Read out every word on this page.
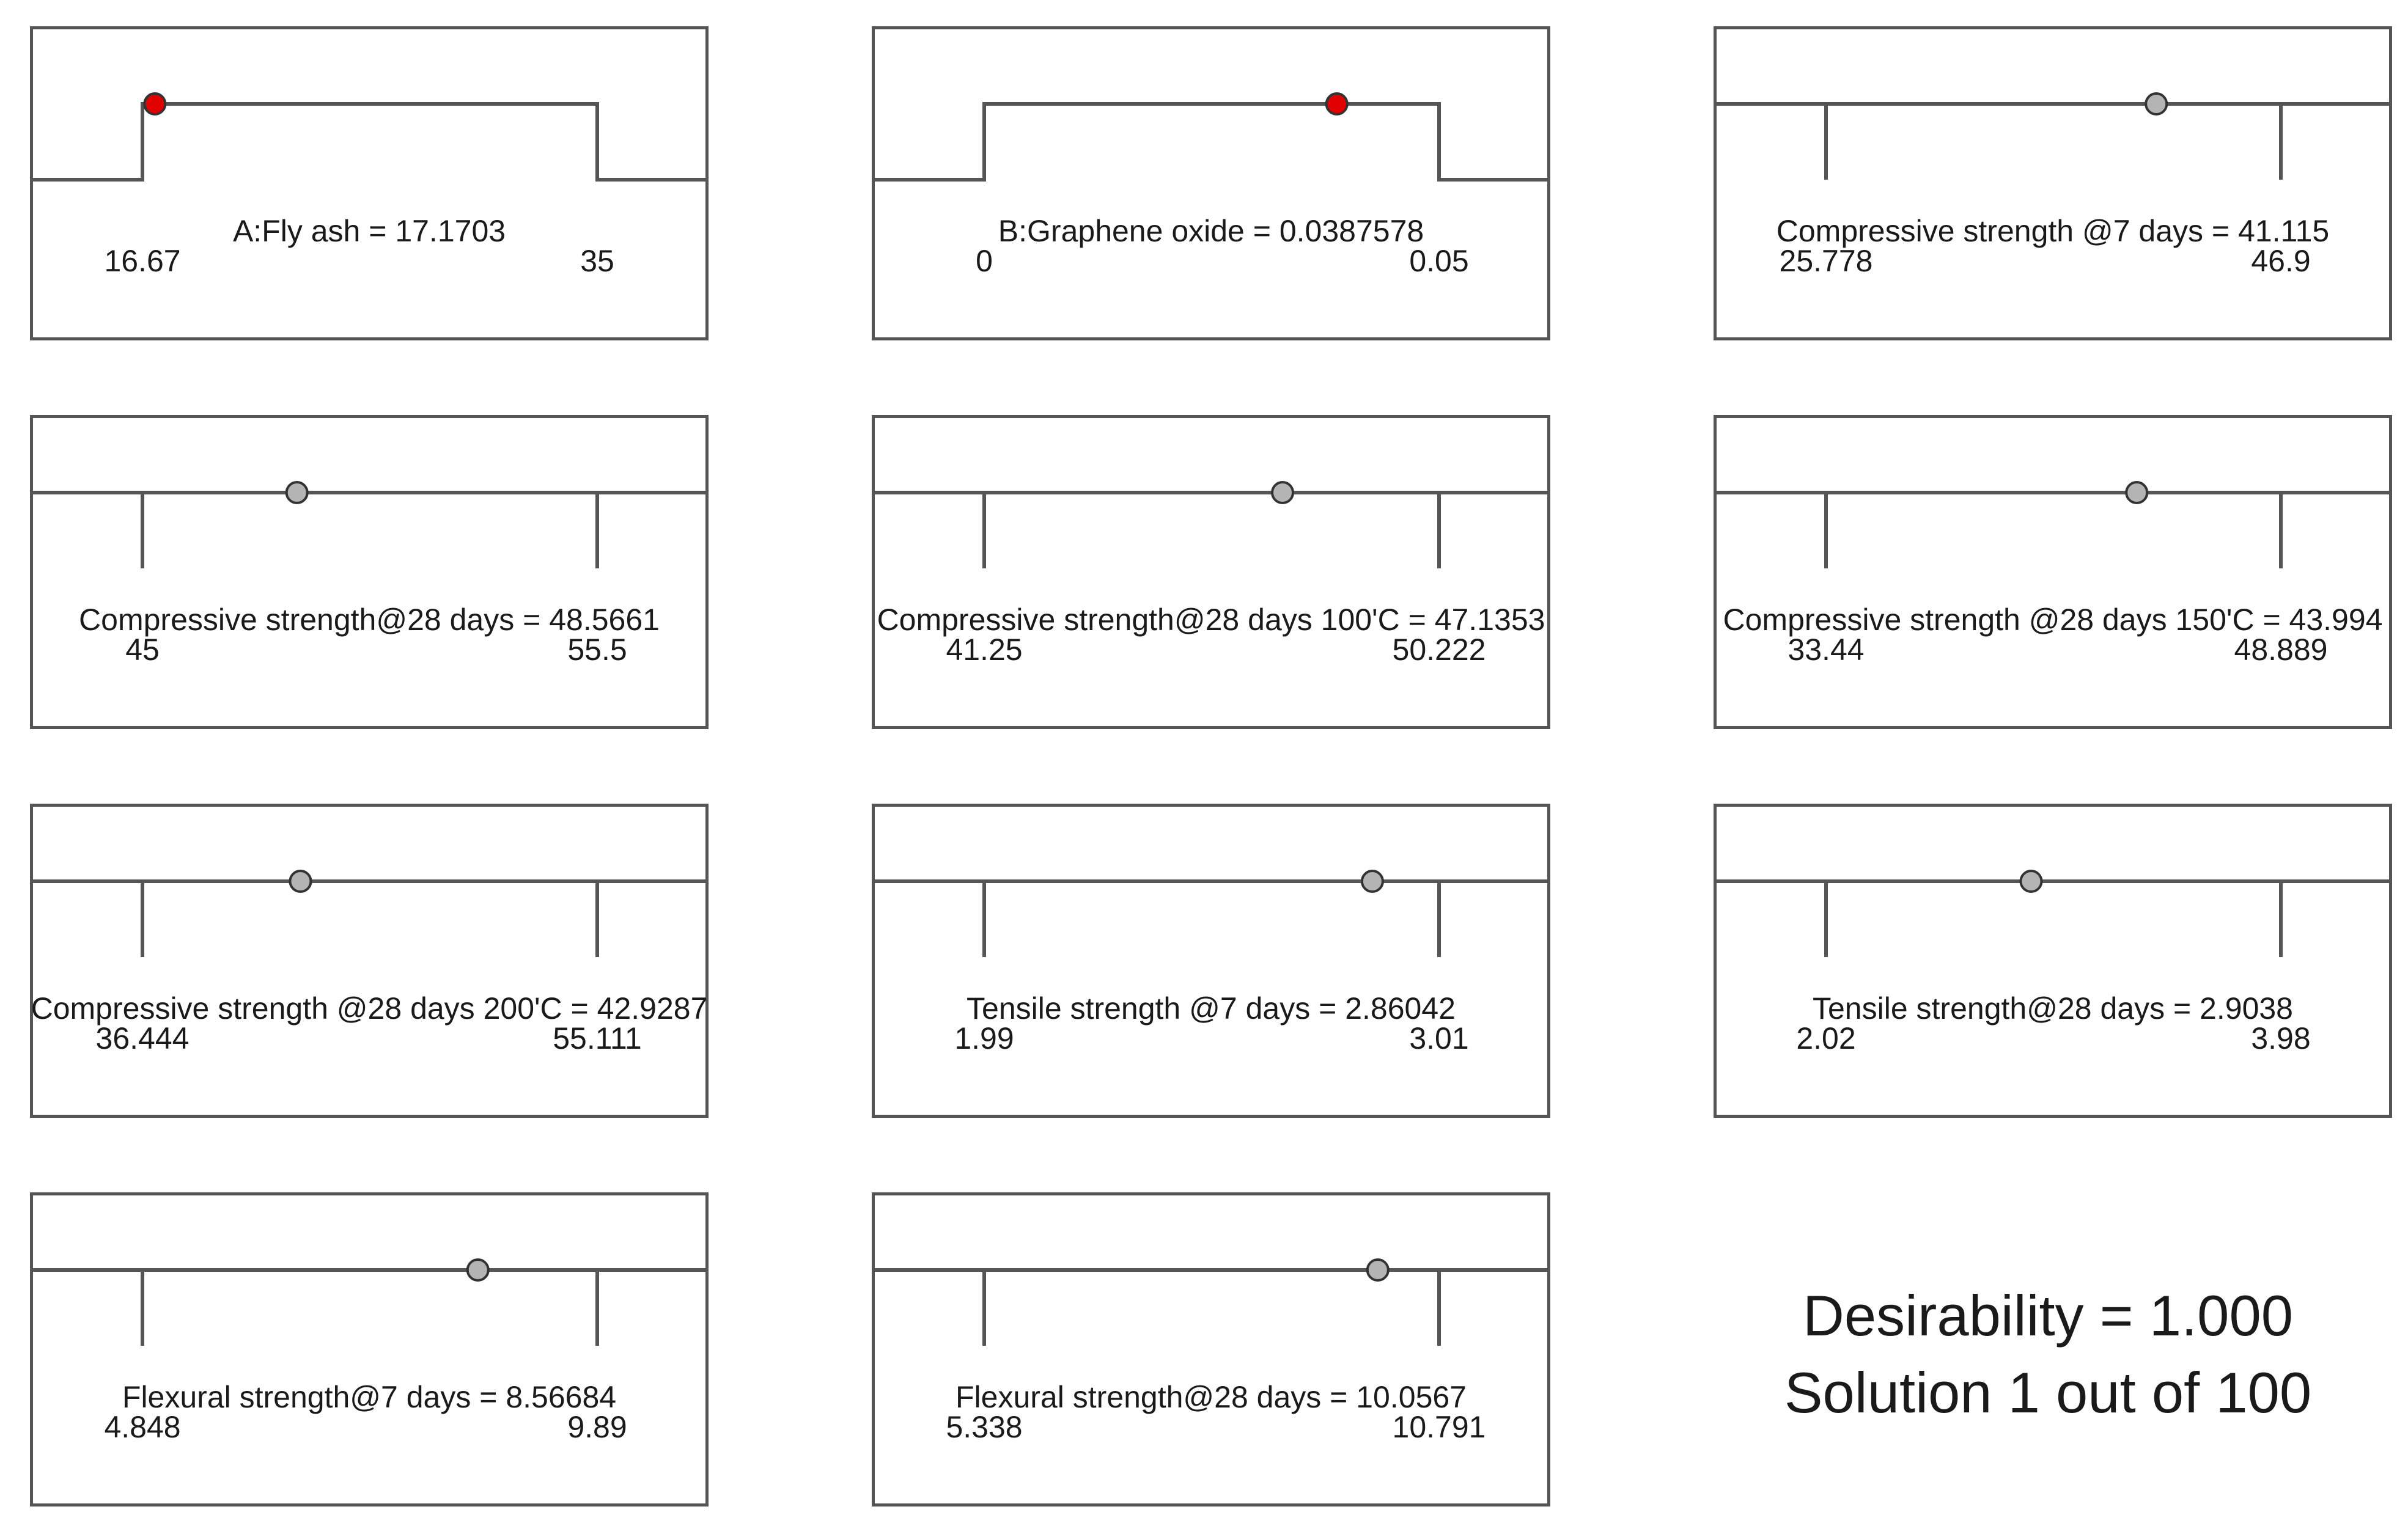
16.67	35
A:Fly ash = 17.1703
0	0.05
B:Graphene oxide = 0.0387578
25.778	46.9
Compressive strength @7 days = 41.115
45	55.5
Compressive strength@28 days = 48.5661
41.25	50.222
Compressive strength@28 days 100'C = 47.1353
33.44	48.889
Compressive strength @28 days 150'C = 43.994
36.444	55.111
Compressive strength @28 days 200'C = 42.9287
1.99	3.01
Tensile strength @7 days = 2.86042
2.02	3.98
Tensile strength@28 days = 2.9038
4.848	9.89
Flexural strength@7 days = 8.56684
5.338	10.791
Flexural strength@28 days = 10.0567
Desirability = 1.000
Solution 1 out of 100
